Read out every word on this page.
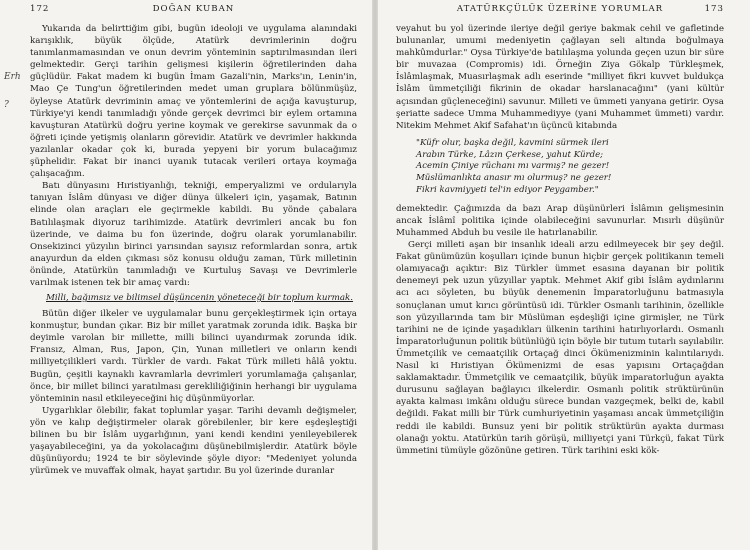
172	DOĞAN KUBAN
Erh
?

Yukarıda da belirttiğim gibi, bugün ideoloji ve uygulama alanındaki karışıklık, büyük ölçüde, Atatürk devrimlerinin doğru tanımlanmamasından ve onun devrim yönteminin saptırılmasından ileri gelmektedir. Gerçi tarihin gelişmesi kişilerin öğretilerinden daha güçlüdür. Fakat madem ki bugün İmam Gazali'nin, Marks'ın, Lenin'in, Mao Çe Tung'un öğretilerinden medet uman gruplara bölünmüşüz, öyleyse Atatürk devriminin amaç ve yöntemlerini de açığa kavuşturup, Türkiye'yi kendi tanımladığı yönde gerçek devrimci bir eylem ortamına kavuşturan Atatürkü doğru yerine koymak ve gerekirse savunmak da o öğreti içinde yetişmiş olanların görevidir. Atatürk ve devrimler hakkında yazılanlar okadar çok ki, burada yepyeni bir yorum bulacağımız şüphelidir. Fakat bir inanci uyanık tutacak verileri ortaya koymağa çalışacağım.

Batı dünyasını Hıristiyanlığı, tekniği, emperyalizmi ve ordularıyla tanıyan İslâm dünyası ve diğer dünya ülkeleri için, yaşamak, Batının elinde olan araçları ele geçirmekle kabildi. Bu yönde çabalara Batılılaşmak diyoruz tarihimizde. Atatürk devrimleri ancak bu fon üzerinde, ve daima bu fon üzerinde, doğru olarak yorumlanabilir. Onsekizinci yüzyılın birinci yarısından sayısız reformlardan sonra, artık anayurdun da elden çıkması söz konusu olduğu zaman, Türk milletinin önünde, Atatürkün tanımladığı ve Kurtuluş Savaşı ve Devrimlerle varılmak istenen tek bir amaç vardı:

Milli, bağımsız ve bilimsel düşüncenin yöneteceği bir toplum kurmak.

Bütün diğer ilkeler ve uygulamalar bunu gerçekleştirmek için ortaya konmuştur, bundan çıkar. Biz bir millet yaratmak zorunda idik. Başka bir deyimle varolan bir millette, milli bilinci uyandırmak zorunda idik. Fransız, Alman, Rus, Japon, Çin, Yunan milletleri ve onların kendi milliyetçilikleri vardı. Türkler de vardı. Fakat Türk milleti hâlâ yoktu. Bugün, çeşitli kaynaklı kavramlarla devrimleri yorumlamağa çalışanlar, önce, bir millet bilinci yaratılması gerekliliğiğinin herhangi bir uygulama yönteminin nasıl etkileyeceğini hiç düşünmüyorlar.

Uygarlıklar ölebilir, fakat toplumlar yaşar. Tarihi devamlı değişmeler, yön ve kalıp değiştirmeler olarak görebilenler, bir kere eşdeşleştiği bilinen bu bir İslâm uygarlığının, yani kendi kendini yenileyebilerek yaşayabileceğini, ya da yokolacağını düşünebilmişlerdir. Atatürk böyle düşünüyordu; 1924 te bir söylevinde şöyle diyor: "Medeniyet yolunda yürümek ve muvaffak olmak, hayat şartıdır. Bu yol üzerinde duranlar

ATATÜRKÇÜLÜK ÜZERİNE YORUMLAR	173

veyahut bu yol üzerinde ileriye değil geriye bakmak cehil ve gafletinde bulunanlar, umumi medeniyetin çağlayan seli altında boğulmaya mahkûmdurlar." Oysa Türkiye'de batılılaşma yolunda geçen uzun bir süre bir muvazaa (Compromis) idi. Örneğin Ziya Gökalp Türkleşmek, İslâmlaşmak, Muasırlaşmak adlı eserinde "milliyet fikri kuvvet buldukça İslâm ümmetçiliği fikrinin de okadar harslanacağını" (yani kültür açısından güçleneceğini) savunur. Milleti ve ümmeti yanyana getirir. Oysa şeriatte sadece Umma Muhammediyye (yani Muhammet ümmeti) vardır. Nitekim Mehmet Akif Safahat'ın üçüncü kitabında

"Küfr olur, başka değil, kavmini sürmek ileri
Arabın Türke, Lâzın Çerkese, yahut Kürde;
Acemin Çiniye rüchanı mı varmış? ne gezer!
Müslümanlıkta anasır mı olurmuş? ne gezer!
Fikri kavmiyyeti tel'in ediyor Peygamber."

demektedir. Çağımızda da bazı Arap düşünürleri İslâmın gelişmesinin ancak İslâmî politika içinde olabileceğini savunurlar. Mısırlı düşünür Muhammed Abduh bu vesile ile hatırlanabilir.

Gerçi milleti aşan bir insanlık ideali arzu edilmeyecek bir şey değil. Fakat günümüzün koşulları içinde bunun hiçbir gerçek politikanın temeli olamıyacağı açıktır: Biz Türkler ümmet esasına dayanan bir politik denemeyi pek uzun yüzyıllar yaptık. Mehmet Akif gibi İslâm aydınlarını acı acı söyleten, bu büyük denemenin İmparatorluğunu batmasıyla sonuçlanan umut kırıcı görüntüsü idi. Türkler Osmanlı tarihinin, özellikle son yüzyıllarında tam bir Müslüman eşdeşliği içine girmişler, ne Türk tarihini ne de içinde yaşadıkları ülkenin tarihini hatırlıyorlardı. Osmanlı İmparatorluğunun politik bütünlüğü için böyle bir tutum tutarlı sayılabilir. Ümmetçilik ve cemaatçilik Ortaçağ dinci Ökümenizminin kalıntılarıydı. Nasıl ki Hıristiyan Ökümenizmi de esas yapısını Ortaçağdan saklamaktadır. Ümmetçilik ve cemaatçilik, büyük imparatorluğun ayakta durusunu sağlayan bağlayıcı ilkelerdir. Osmanlı politik strüktürünün ayakta kalması imkânı olduğu sürece bundan vazgeçmek, belki de, kabil değildi. Fakat milli bir Türk cumhuriyetinin yaşaması ancak ümmetçiliğin reddi ile kabildi. Bunsuz yeni bir politik strüktürün ayakta durması olanağı yoktu. Atatürkün tarih görüşü, milliyetçi yani Türkçü, fakat Türk ümmetini tümüyle gözönüne getiren. Türk tarihini eski kök-
